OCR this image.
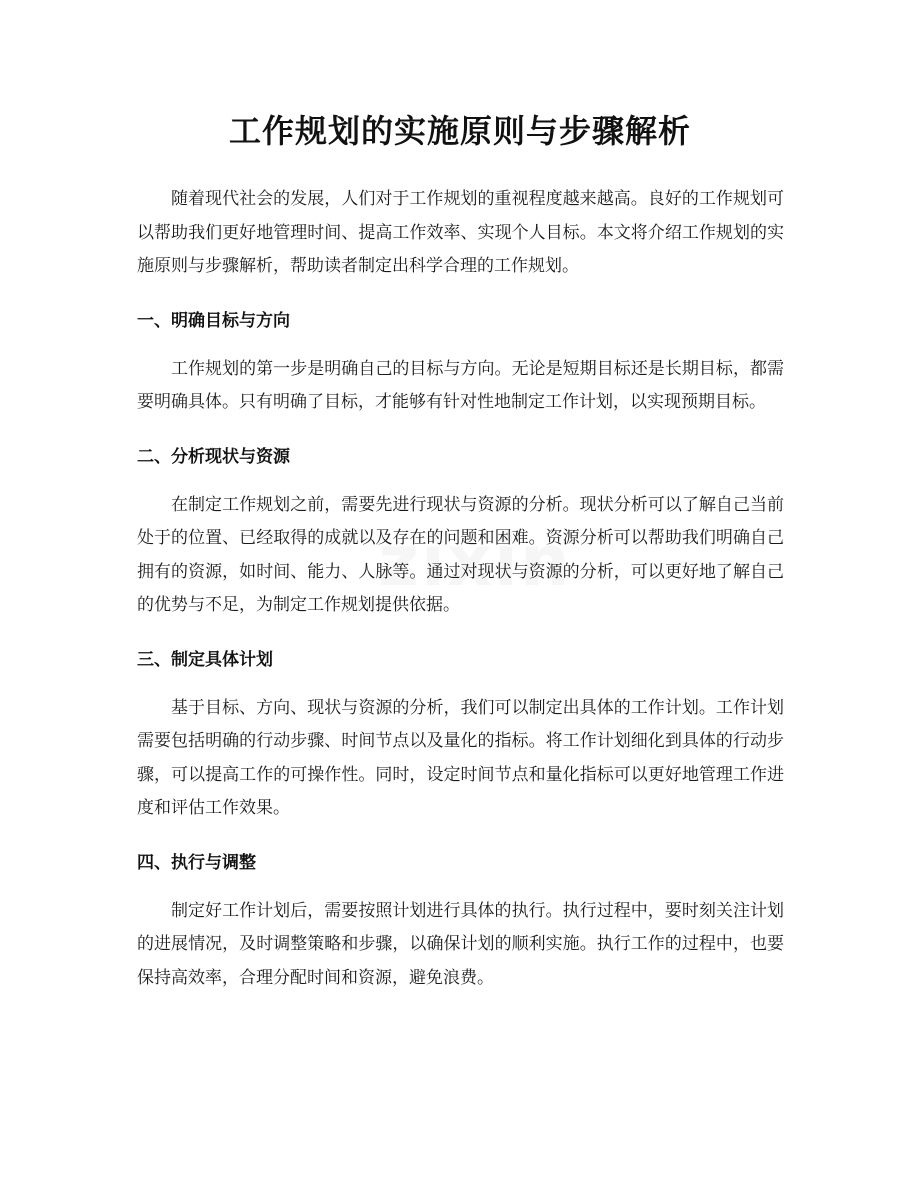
工作规划的实施原则与步骤解析

随着现代社会的发展，人们对于工作规划的重视程度越来越高。良好的工作规划可以帮助我们更好地管理时间、提高工作效率、实现个人目标。本文将介绍工作规划的实施原则与步骤解析，帮助读者制定出科学合理的工作规划。

一、明确目标与方向

工作规划的第一步是明确自己的目标与方向。无论是短期目标还是长期目标，都需要明确具体。只有明确了目标，才能够有针对性地制定工作计划，以实现预期目标。

二、分析现状与资源

在制定工作规划之前，需要先进行现状与资源的分析。现状分析可以了解自己当前处于的位置、已经取得的成就以及存在的问题和困难。资源分析可以帮助我们明确自己拥有的资源，如时间、能力、人脉等。通过对现状与资源的分析，可以更好地了解自己的优势与不足，为制定工作规划提供依据。

三、制定具体计划

基于目标、方向、现状与资源的分析，我们可以制定出具体的工作计划。工作计划需要包括明确的行动步骤、时间节点以及量化的指标。将工作计划细化到具体的行动步骤，可以提高工作的可操作性。同时，设定时间节点和量化指标可以更好地管理工作进度和评估工作效果。

四、执行与调整

制定好工作计划后，需要按照计划进行具体的执行。执行过程中，要时刻关注计划的进展情况，及时调整策略和步骤，以确保计划的顺利实施。执行工作的过程中，也要保持高效率，合理分配时间和资源，避免浪费。
